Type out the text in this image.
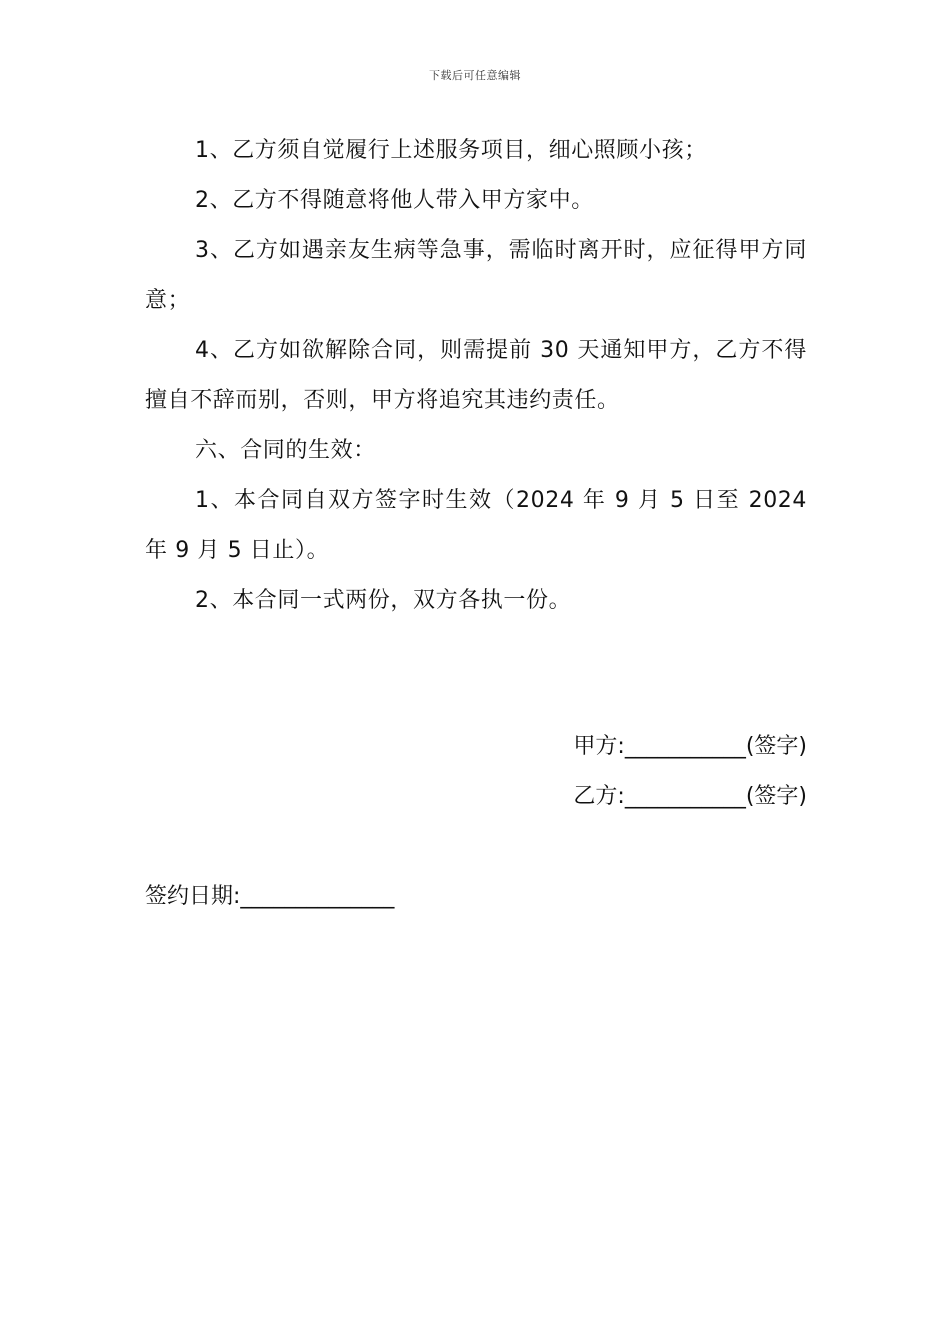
下载后可任意编辑

1、乙方须自觉履行上述服务项目，细心照顾小孩；

2、乙方不得随意将他人带入甲方家中。

3、乙方如遇亲友生病等急事，需临时离开时，应征得甲方同意；

4、乙方如欲解除合同，则需提前 30 天通知甲方，乙方不得擅自不辞而别，否则，甲方将追究其违约责任。

六、合同的生效：

1、本合同自双方签字时生效（2024 年 9 月 5 日至 2024 年 9 月 5 日止）。

2、本合同一式两份，双方各执一份。

甲方:___________(签字)
乙方:___________(签字)
签约日期:______________
